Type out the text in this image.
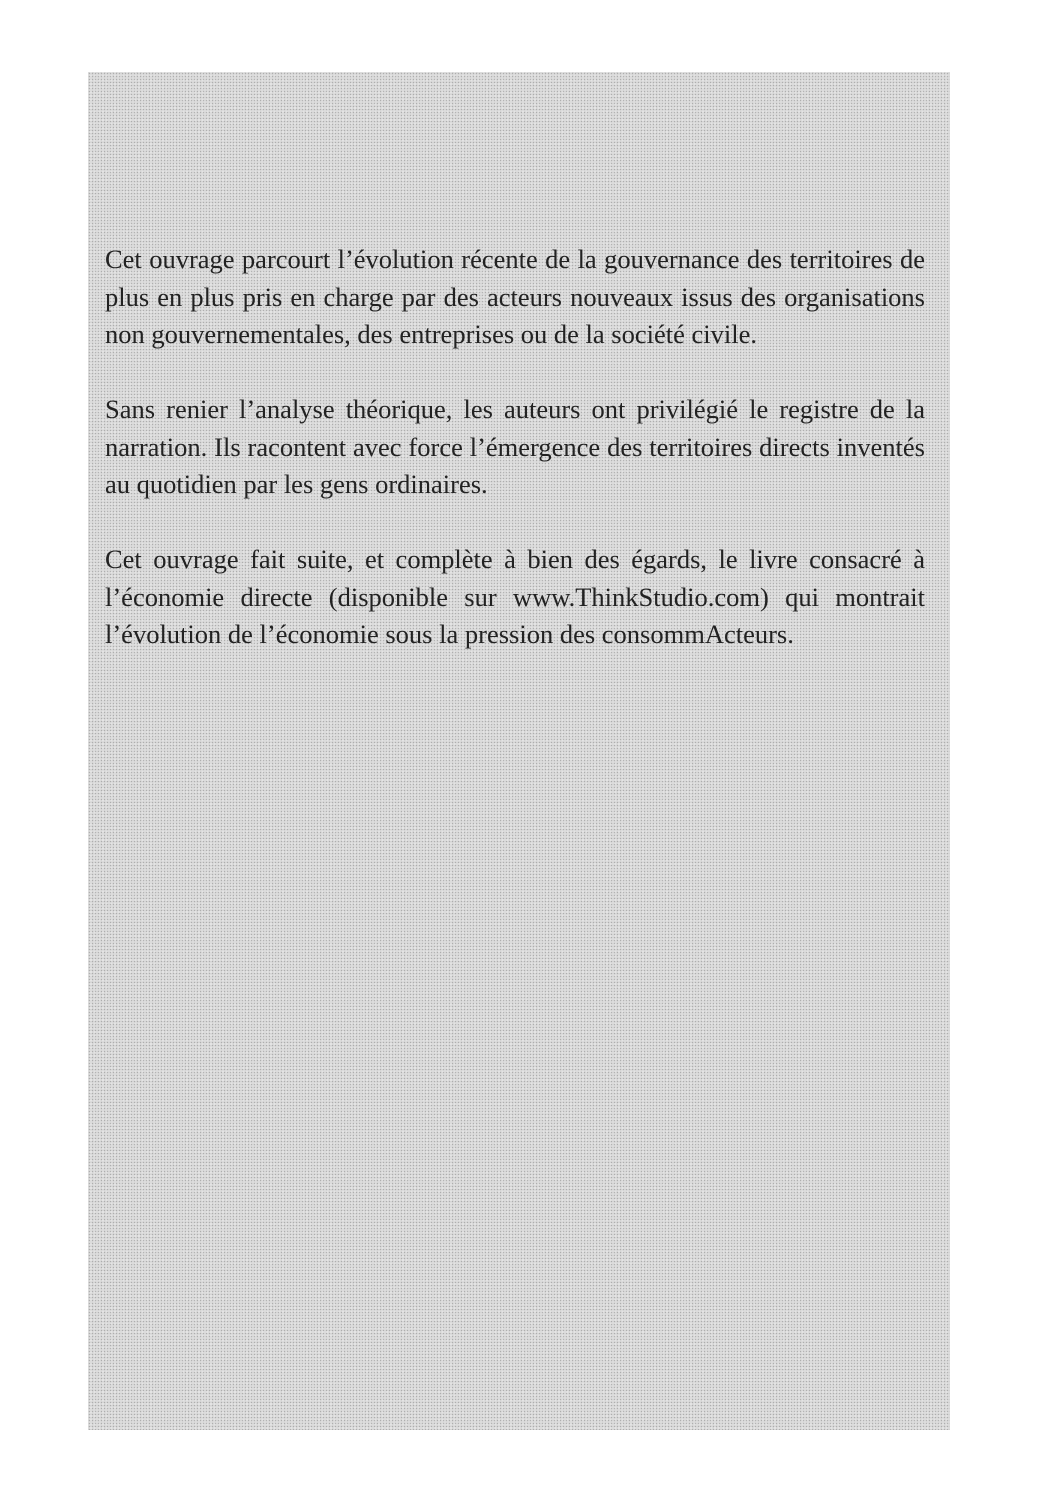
Cet ouvrage parcourt l’évolution récente de la gouvernance des territoires de plus en plus pris en charge par des acteurs nouveaux issus des organisations non gouvernementales, des entreprises ou de la société civile.

Sans renier l’analyse théorique, les auteurs ont privilégié le registre de la narration. Ils racontent avec force l’émergence des territoires directs inventés au quotidien par les gens ordinaires.

Cet ouvrage fait suite, et complète à bien des égards, le livre consacré à l’économie directe (disponible sur www.ThinkStudio.com) qui montrait l’évolution de l’économie sous la pression des consommActeurs.
